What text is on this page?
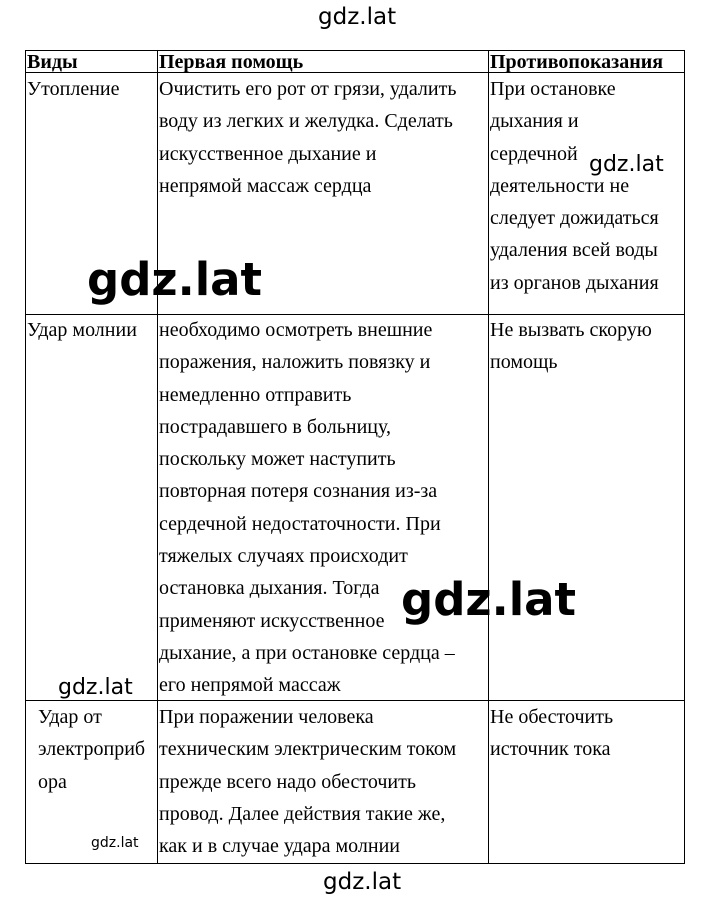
Виды	Первая помощь	Противопоказания
Утопление Очистить его рот от грязи, удалить
воду из легких и желудка. Сделать
искусственное дыхание и
непрямой массаж сердца
При остановке
дыхания и
сердечной
деятельности не
следует дожидаться
удаления всей воды
из органов дыхания
Удар молнии необходимо осмотреть внешние
поражения, наложить повязку и
немедленно отправить
пострадавшего в больницу,
поскольку может наступить
повторная потеря сознания из-за
сердечной недостаточности. При
тяжелых случаях происходит
остановка дыхания. Тогда
применяют искусственное
дыхание, а при остановке сердца –
его непрямой массаж
Не вызвать скорую
помощь
Удар от
электроприб
ора
При поражении человека
техническим электрическим током
прежде всего надо обесточить
провод. Далее действия такие же,
как и в случае удара молнии
Не обесточить
источник тока
gdz.lat
gdz.lat
gdz.lat
gdz.lat
gdz.lat
gdz.lat
gdz.lat
